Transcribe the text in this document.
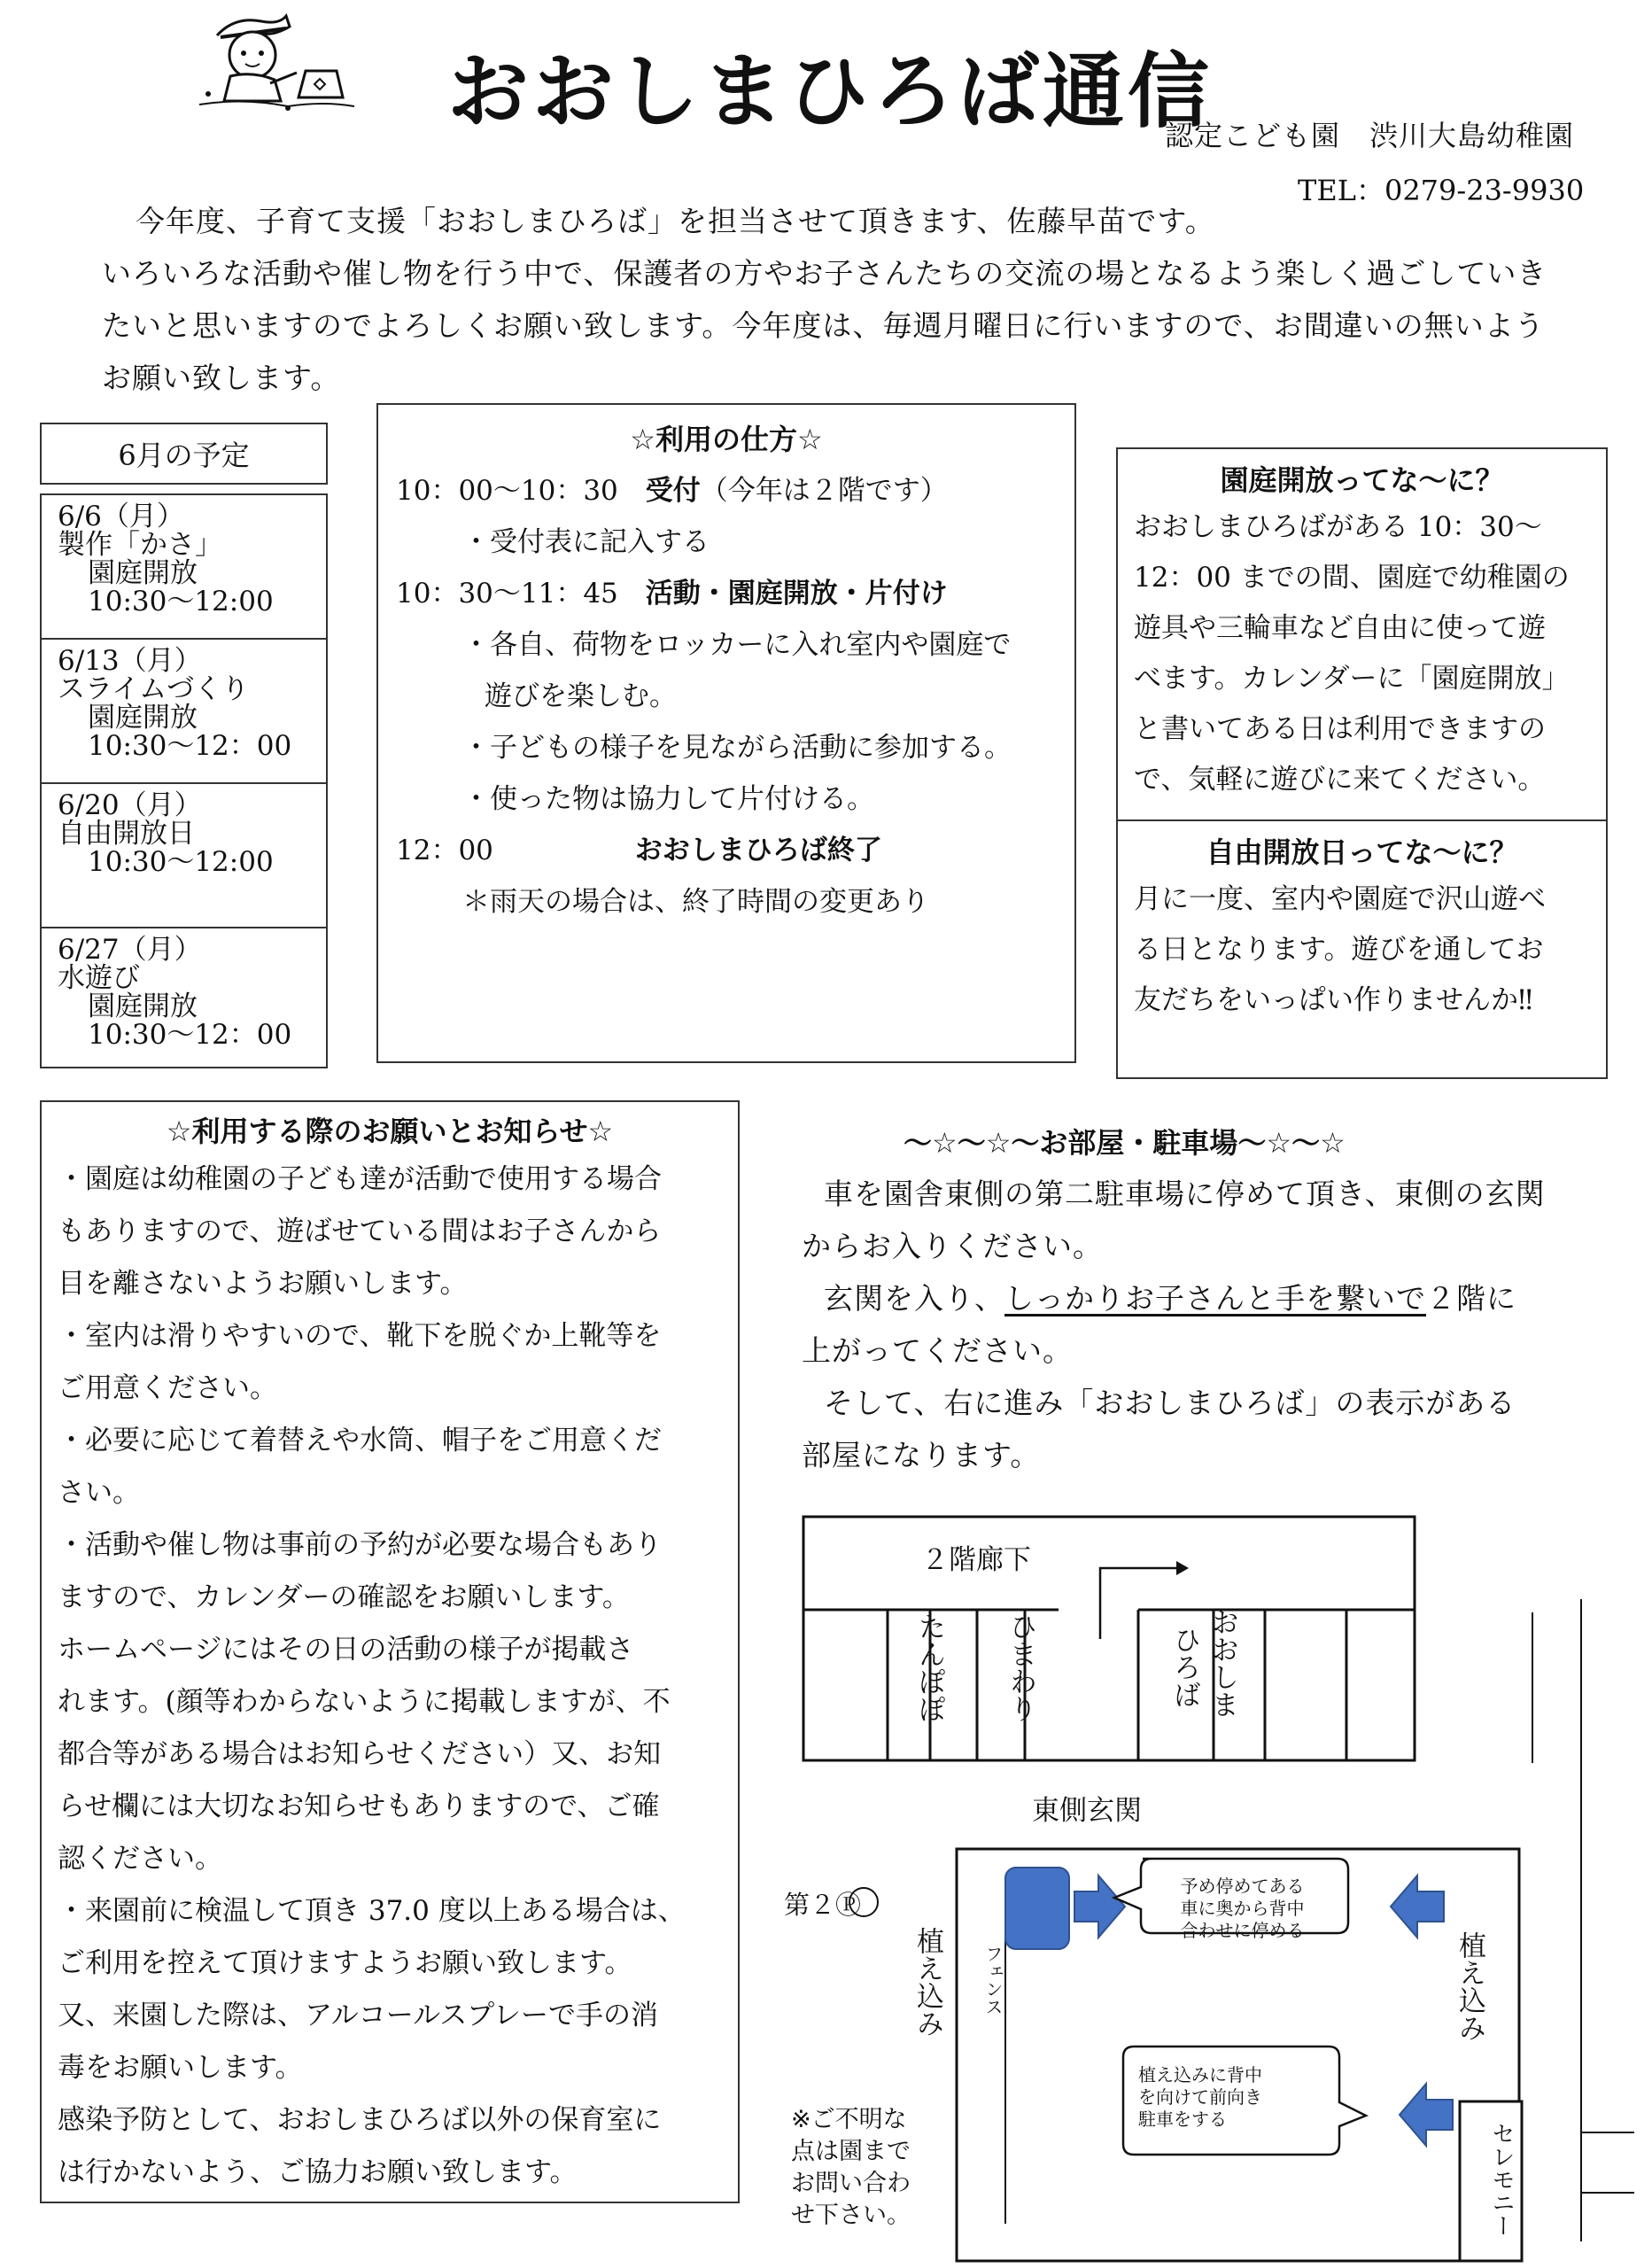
おおしまひろば通信
認定こども園　渋川大島幼稚園
TEL：0279-23-9930

今年度、子育て支援「おおしまひろば」を担当させて頂きます、佐藤早苗です。

いろいろな活動や催し物を行う中で、保護者の方やお子さんたちの交流の場となるよう楽しく過ごしていき

たいと思いますのでよろしくお願い致します。今年度は、毎週月曜日に行いますので、お間違いの無いよう

お願い致します。

6月の予定
6/6（月）
製作「かさ」
園庭開放
10:30～12:00
6/13（月）
スライムづくり
園庭開放
10:30～12：00
6/20（月）
自由開放日
10:30～12:00
6/27（月）
水遊び
園庭開放
10:30～12：00
☆利用の仕方☆
10：00～10：30　 受付（今年は２階です）
・受付表に記入する
10：30～11：45　 活動・園庭開放・片付け
・各自、荷物をロッカーに入れ室内や園庭で
遊びを楽しむ。
・子どもの様子を見ながら活動に参加する。
・使った物は協力して片付ける。
12：00	おおしまひろば終了
＊雨天の場合は、終了時間の変更あり
園庭開放ってな～に？
おおしまひろばがある 10：30～
12：00 までの間、園庭で幼稚園の
遊具や三輪車など自由に使って遊
べます。カレンダーに「園庭開放」
と書いてある日は利用できますの
で、気軽に遊びに来てください。
自由開放日ってな～に？
月に一度、室内や園庭で沢山遊べ
る日となります。遊びを通してお
友だちをいっぱい作りませんか‼
☆利用する際のお願いとお知らせ☆

・園庭は幼稚園の子ども達が活動で使用する場合

もありますので、遊ばせている間はお子さんから

目を離さないようお願いします。

・室内は滑りやすいので、靴下を脱ぐか上靴等を

ご用意ください。

・必要に応じて着替えや水筒、帽子をご用意くだ

さい。

・活動や催し物は事前の予約が必要な場合もあり

ますので、カレンダーの確認をお願いします。

ホームページにはその日の活動の様子が掲載さ

れます。(顔等わからないように掲載しますが、不

都合等がある場合はお知らせください）又、お知

らせ欄には大切なお知らせもありますので、ご確

認ください。

・来園前に検温して頂き 37.0 度以上ある場合は、

ご利用を控えて頂けますようお願い致します。

又、来園した際は、アルコールスプレーで手の消

毒をお願いします。

感染予防として、おおしまひろば以外の保育室に

は行かないよう、ご協力お願い致します。

～☆～☆～お部屋・駐車場～☆～☆

車を園舎東側の第二駐車場に停めて頂き、東側の玄関

からお入りください。

玄関を入り、しっかりお子さんと手を繋いで２階に

上がってください。

そして、右に進み「おおしまひろば」の表示がある

部屋になります。

２階廊下
たんぽぽ ひまわり	おおしま
ひろば
東側玄関
第２Ⓟ
植え込み フェンス	植え込み
セレモニー
予め停めてある
車に奥から背中
合わせに停める
植え込みに背中
を向けて前向き
駐車をする
※ご不明な
点は園まで
お問い合わ
せ下さい。
